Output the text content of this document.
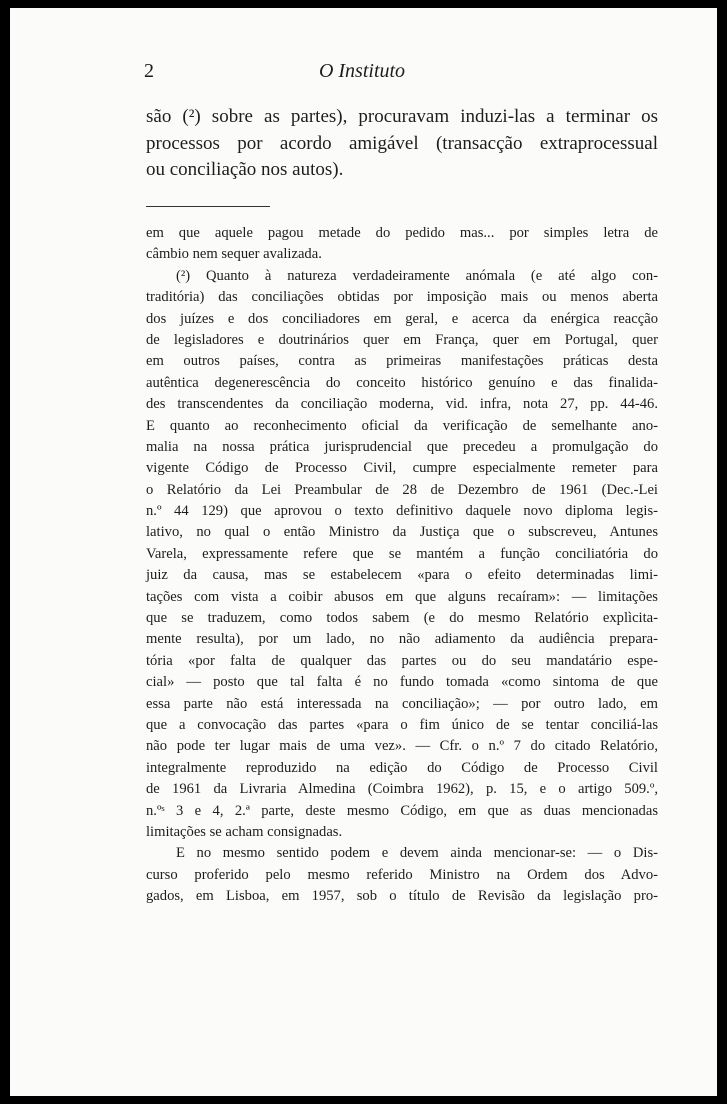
2	O Instituto
são (²) sobre as partes), procuravam induzi-las a terminar os
processos por acordo amigável (transacção extraprocessual
ou conciliação nos autos).
em que aquele pagou metade do pedido mas... por simples letra de
câmbio nem sequer avalizada.
(²) Quanto à natureza verdadeiramente anómala (e até algo con-
traditória) das conciliações obtidas por imposição mais ou menos aberta
dos juízes e dos conciliadores em geral, e acerca da enérgica reacção
de legisladores e doutrinários quer em França, quer em Portugal, quer
em outros países, contra as primeiras manifestações práticas desta
autêntica degenerescência do conceito histórico genuíno e das finalida-
des transcendentes da conciliação moderna, vid. infra, nota 27, pp. 44-46.
E quanto ao reconhecimento oficial da verificação de semelhante ano-
malia na nossa prática jurisprudencial que precedeu a promulgação do
vigente Código de Processo Civil, cumpre especialmente remeter para
o Relatório da Lei Preambular de 28 de Dezembro de 1961 (Dec.-Lei
n.º 44 129) que aprovou o texto definitivo daquele novo diploma legis-
lativo, no qual o então Ministro da Justiça que o subscreveu, Antunes
Varela, expressamente refere que se mantém a função conciliatória do
juiz da causa, mas se estabelecem «para o efeito determinadas limi-
tações com vista a coibir abusos em que alguns recaíram»: — limitações
que se traduzem, como todos sabem (e do mesmo Relatório explìcita-
mente resulta), por um lado, no não adiamento da audiência prepara-
tória «por falta de qualquer das partes ou do seu mandatário espe-
cial» — posto que tal falta é no fundo tomada «como sintoma de que
essa parte não está interessada na conciliação»; — por outro lado, em
que a convocação das partes «para o fim único de se tentar conciliá-las
não pode ter lugar mais de uma vez». — Cfr. o n.º 7 do citado Relatório,
integralmente reproduzido na edição do Código de Processo Civil
de 1961 da Livraria Almedina (Coimbra 1962), p. 15, e o artigo 509.º,
n.ºˢ 3 e 4, 2.ª parte, deste mesmo Código, em que as duas mencionadas
limitações se acham consignadas.
E no mesmo sentido podem e devem ainda mencionar-se: — o Dis-
curso proferido pelo mesmo referido Ministro na Ordem dos Advo-
gados, em Lisboa, em 1957, sob o título de Revisão da legislação pro-
